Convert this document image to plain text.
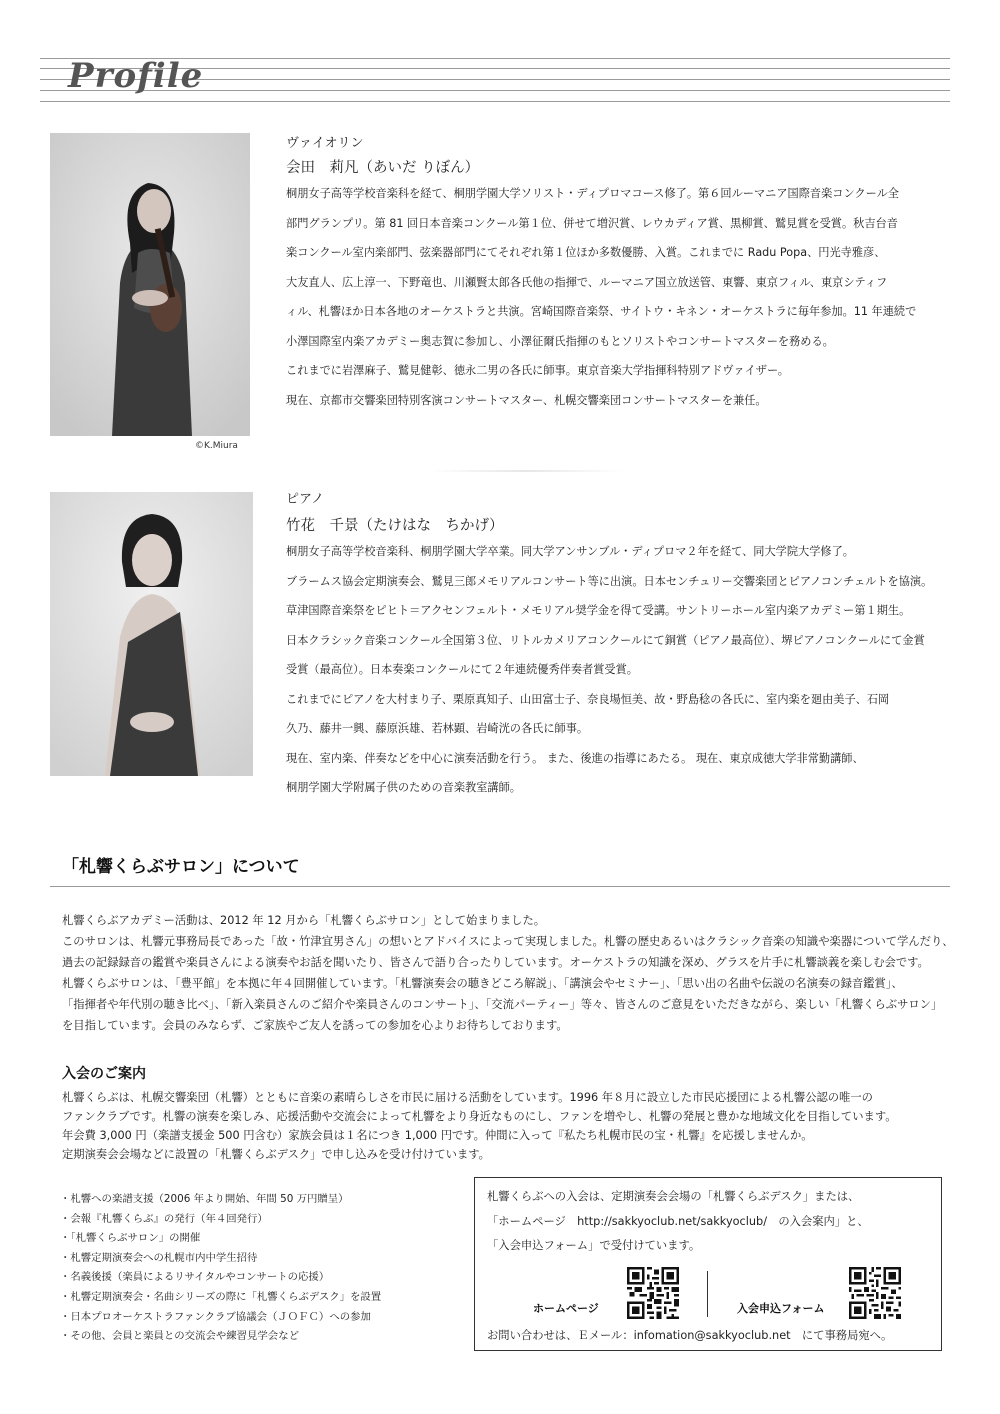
Profile
©K.Miura
ヴァイオリン
会田　莉凡（あいだ りぼん）
桐朋女子高等学校音楽科を経て、桐朋学園大学ソリスト・ディプロマコース修了。第６回ルーマニア国際音楽コンクール全
部門グランプリ。第 81 回日本音楽コンクール第１位、併せて増沢賞、レウカディア賞、黒柳賞、鷲見賞を受賞。秋吉台音
楽コンクール室内楽部門、弦楽器部門にてそれぞれ第１位ほか多数優勝、入賞。これまでに Radu Popa、円光寺雅彦、
大友直人、広上淳一、下野竜也、川瀬賢太郎各氏他の指揮で、ルーマニア国立放送管、東響、東京フィル、東京シティフ
ィル、札響ほか日本各地のオーケストラと共演。宮崎国際音楽祭、サイトウ・キネン・オーケストラに毎年参加。11 年連続で
小澤国際室内楽アカデミー奥志賀に参加し、小澤征爾氏指揮のもとソリストやコンサートマスターを務める。
これまでに岩澤麻子、鷲見健彰、徳永二男の各氏に師事。東京音楽大学指揮科特別アドヴァイザー。
現在、京都市交響楽団特別客演コンサートマスター、札幌交響楽団コンサートマスターを兼任。
ピアノ
竹花　千景（たけはな　ちかげ）
桐朋女子高等学校音楽科、桐朋学園大学卒業。同大学アンサンブル・ディプロマ２年を経て、同大学院大学修了。
ブラームス協会定期演奏会、鷲見三郎メモリアルコンサート等に出演。日本センチュリー交響楽団とピアノコンチェルトを協演。
草津国際音楽祭をピヒト＝アクセンフェルト・メモリアル奨学金を得て受講。サントリーホール室内楽アカデミー第１期生。
日本クラシック音楽コンクール全国第３位、リトルカメリアコンクールにて銅賞（ピアノ最高位）、堺ピアノコンクールにて金賞
受賞（最高位）。日本奏楽コンクールにて２年連続優秀伴奏者賞受賞。
これまでにピアノを大村まり子、栗原真知子、山田富士子、奈良場恒美、故・野島稔の各氏に、室内楽を廻由美子、石岡
久乃、藤井一興、藤原浜雄、若林顕、岩崎洸の各氏に師事。
現在、室内楽、伴奏などを中心に演奏活動を行う。 また、後進の指導にあたる。 現在、東京成徳大学非常勤講師、
桐朋学園大学附属子供のための音楽教室講師。
「札響くらぶサロン」について
札響くらぶアカデミー活動は、2012 年 12 月から「札響くらぶサロン」として始まりました。
このサロンは、札響元事務局長であった「故・竹津宜男さん」の想いとアドバイスによって実現しました。札響の歴史あるいはクラシック音楽の知識や楽器について学んだり、
過去の記録録音の鑑賞や楽員さんによる演奏やお話を聞いたり、皆さんで語り合ったりしています。オーケストラの知識を深め、グラスを片手に札響談義を楽しむ会です。
札響くらぶサロンは、「豊平館」を本拠に年４回開催しています。「札響演奏会の聴きどころ解説」、「講演会やセミナー」、「思い出の名曲や伝説の名演奏の録音鑑賞」、
「指揮者や年代別の聴き比べ」、「新入楽員さんのご紹介や楽員さんのコンサート」、「交流パーティー」等々、皆さんのご意見をいただきながら、楽しい「札響くらぶサロン」
を目指しています。会員のみならず、ご家族やご友人を誘っての参加を心よりお待ちしております。
入会のご案内
札響くらぶは、札幌交響楽団（札響）とともに音楽の素晴らしさを市民に届ける活動をしています。1996 年８月に設立した市民応援団による札響公認の唯一の
ファンクラブです。札響の演奏を楽しみ、応援活動や交流会によって札響をより身近なものにし、ファンを増やし、札響の発展と豊かな地域文化を目指しています。
年会費 3,000 円（楽譜支援金 500 円含む）家族会員は１名につき 1,000 円です。仲間に入って『私たち札幌市民の宝・札響』を応援しませんか。
定期演奏会会場などに設置の「札響くらぶデスク」で申し込みを受け付けています。
・札響への楽譜支援（2006 年より開始、年間 50 万円贈呈）
・会報『札響くらぶ』の発行（年４回発行）
・「札響くらぶサロン」の開催
・札響定期演奏会への札幌市内中学生招待
・名義後援（楽員によるリサイタルやコンサートの応援）
・札響定期演奏会・名曲シリーズの際に「札響くらぶデスク」を設置
・日本プロオーケストラファンクラブ協議会（ＪＯＦＣ）への参加
・その他、会員と楽員との交流会や練習見学会など
札響くらぶへの入会は、定期演奏会会場の「札響くらぶデスク」または、
「ホームページ　http://sakkyoclub.net/sakkyoclub/　の入会案内」と、
「入会申込フォーム」で受付けています。
ホームページ	入会申込フォーム
お問い合わせは、Ｅメール：infomation@sakkyoclub.net　にて事務局宛へ。
